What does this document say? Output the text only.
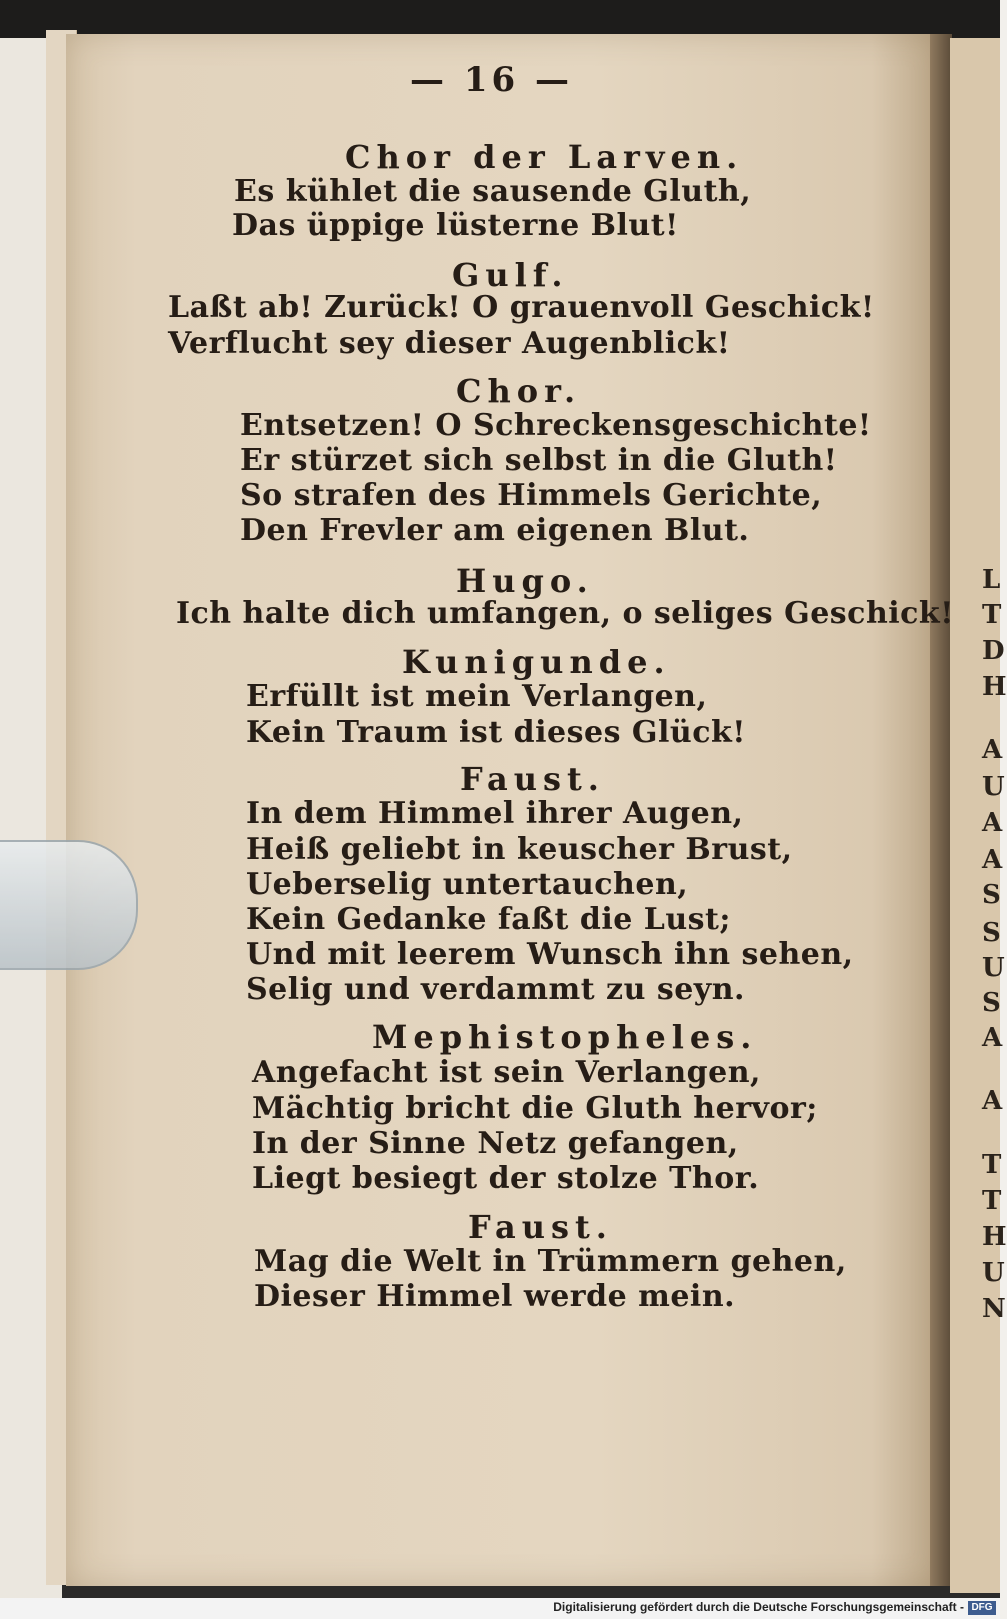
— 16 —
Chor der Larven.
Es kühlet die sausende Gluth,
Das üppige lüsterne Blut!
Gulf.
Laßt ab! Zurück! O grauenvoll Geschick!
Verflucht sey dieser Augenblick!
Chor.
Entsetzen! O Schreckensgeschichte!
Er stürzet sich selbst in die Gluth!
So strafen des Himmels Gerichte,
Den Frevler am eigenen Blut.
Hugo.
Ich halte dich umfangen, o seliges Geschick!
Kunigunde.
Erfüllt ist mein Verlangen,
Kein Traum ist dieses Glück!
Faust.
In dem Himmel ihrer Augen,
Heiß geliebt in keuscher Brust,
Ueberselig untertauchen,
Kein Gedanke faßt die Lust;
Und mit leerem Wunsch ihn sehen,
Selig und verdammt zu seyn.
Mephistopheles.
Angefacht ist sein Verlangen,
Mächtig bricht die Gluth hervor;
In der Sinne Netz gefangen,
Liegt besiegt der stolze Thor.
Faust.
Mag die Welt in Trümmern gehen,
Dieser Himmel werde mein.
L
T
D
H
A
U
A
A
S
S
U
S
A
A
T
T
H
U
N
Digitalisierung gefördert durch die Deutsche Forschungsgemeinschaft - DFG
